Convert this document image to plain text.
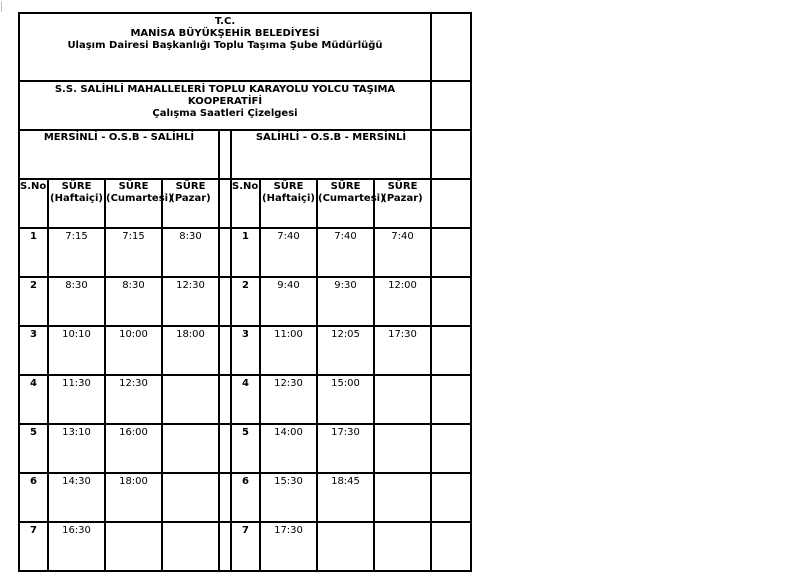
T.C.
MANİSA BÜYÜKŞEHİR BELEDİYESİ
Ulaşım Dairesi Başkanlığı Toplu Taşıma Şube Müdürlüğü									

S.S. SALİHLİ MAHALLELERİ TOPLU KARAYOLU YOLCU TAŞIMA KOOPERATİFİ
Çalışma Saatleri Çizelgesi									

MERSİNLİ - O.S.B - SALİHLİ					SALİHLİ - O.S.B - MERSİNLİ				
S.No	SÜRE (Haftaiçi)	SÜRE (Cumartesi)	SÜRE (Pazar)		S.No	SÜRE (Haftaiçi)	SÜRE (Cumartesi)	SÜRE (Pazar)	
1	7:15	7:15	8:30		1	7:40	7:40	7:40	
2	8:30	8:30	12:30		2	9:40	9:30	12:00	
3	10:10	10:00	18:00		3	11:00	12:05	17:30	
4	11:30	12:30			4	12:30	15:00		
5	13:10	16:00			5	14:00	17:30		
6	14:30	18:00			6	15:30	18:45		
7	16:30				7	17:30			
